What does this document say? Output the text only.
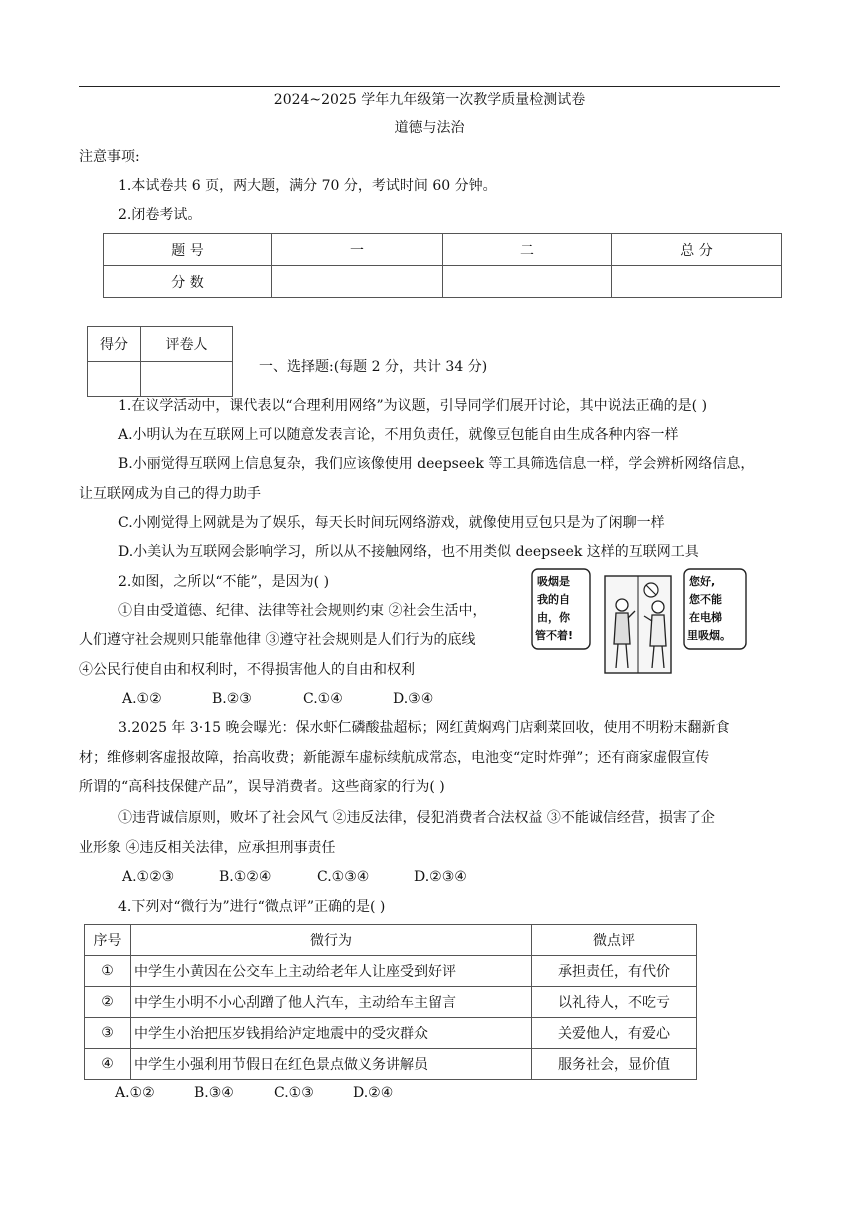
2024~2025 学年九年级第一次教学质量检测试卷
道德与法治
注意事项:
1.本试卷共 6 页，两大题，满分 70 分，考试时间 60 分钟。
2.闭卷考试。
题 号	一	二	总 分
分 数			
得分	评卷人

一、选择题:(每题 2 分，共计 34 分)
1.在议学活动中，课代表以“合理利用网络”为议题，引导同学们展开讨论，其中说法正确的是( )
A.小明认为在互联网上可以随意发表言论，不用负责任，就像豆包能自由生成各种内容一样
B.小丽觉得互联网上信息复杂，我们应该像使用 deepseek 等工具筛选信息一样，学会辨析网络信息，
让互联网成为自己的得力助手
C.小刚觉得上网就是为了娱乐，每天长时间玩网络游戏，就像使用豆包只是为了闲聊一样
D.小美认为互联网会影响学习，所以从不接触网络，也不用类似 deepseek 这样的互联网工具
2.如图，之所以“不能”，是因为( )
①自由受道德、纪律、法律等社会规则约束 ②社会生活中，
人们遵守社会规则只能靠他律 ③遵守社会规则是人们行为的底线
④公民行使自由和权利时，不得损害他人的自由和权利
A.①②	B.②③	C.①④	D.③④
吸烟是 我的自 由，你 管不着!
您好, 您不能 在电梯 里吸烟。
3.2025 年 3·15 晚会曝光：保水虾仁磷酸盐超标；网红黄焖鸡门店剩菜回收，使用不明粉末翻新食
材；维修刺客虚报故障，抬高收费；新能源车虚标续航成常态，电池变“定时炸弹”；还有商家虚假宣传
所谓的“高科技保健产品”，误导消费者。这些商家的行为( )
①违背诚信原则，败坏了社会风气 ②违反法律，侵犯消费者合法权益 ③不能诚信经营，损害了企
业形象 ④违反相关法律，应承担刑事责任
A.①②③	B.①②④	C.①③④	D.②③④
4.下列对“微行为”进行“微点评”正确的是( )
序号	微行为	微点评
①	中学生小黄因在公交车上主动给老年人让座受到好评	承担责任，有代价
②	中学生小明不小心刮蹭了他人汽车，主动给车主留言	以礼待人，不吃亏
③	中学生小治把压岁钱捐给泸定地震中的受灾群众	关爱他人，有爱心
④	中学生小强利用节假日在红色景点做义务讲解员	服务社会，显价值
A.①②	B.③④	C.①③	D.②④
